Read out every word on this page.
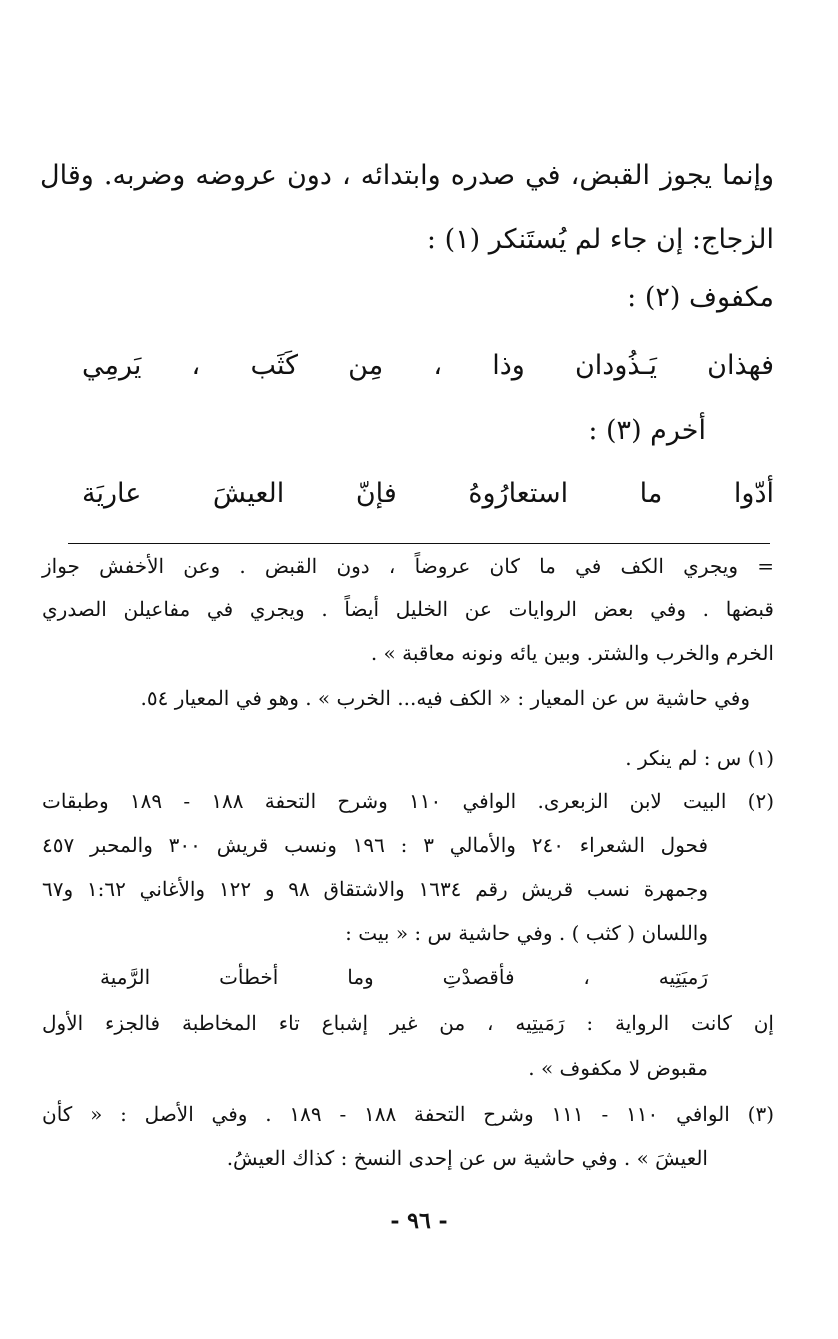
وإنما يجوز القبض، في صدره وابتدائه ، دون عروضه وضربه. وقال
الزجاج: إن جاء لم يُستَنكر (١) :
مكفوف (٢) :
فهذان يَـذُودان وذا ، مِن كَثَب ، يَرمِي
أخرم (٣) :
أدّوا ما استعارُوهُ فإنّ العيشَ عاريَة
= ويجري الكف في ما كان عروضاً ، دون القبض . وعن الأخفش جواز
قبضها . وفي بعض الروايات عن الخليل أيضاً . ويجري في مفاعيلن الصدري
الخرم والخرب والشتر. وبين يائه ونونه معاقبة » .
وفي حاشية س عن المعيار : « الكف فيه... الخرب » . وهو في المعيار ٥٤.
(١) س : لم ينكر .
(٢) البيت لابن الزبعرى. الوافي ١١٠ وشرح التحفة ١٨٨ - ١٨٩ وطبقات
فحول الشعراء ٢٤٠ والأمالي ٣ : ١٩٦ ونسب قريش ٣٠٠ والمحبر ٤٥٧
وجمهرة نسب قريش رقم ١٦٣٤ والاشتقاق ٩٨ و ١٢٢ والأغاني ١:٦٢ و٦٧
واللسان ( كثب ) . وفي حاشية س : « بيت :
رَميَتِيه ، فأقصدْتِ وما أخطأت الرَّمية
إن كانت الرواية : رَمَيتِيه ، من غير إشباع تاء المخاطبة فالجزء الأول
مقبوض لا مكفوف » .
(٣) الوافي ١١٠ - ١١١ وشرح التحفة ١٨٨ - ١٨٩ . وفي الأصل : « كأن
العيشَ » . وفي حاشية س عن إحدى النسخ : كذاك العيشُ.
- ٩٦ -
